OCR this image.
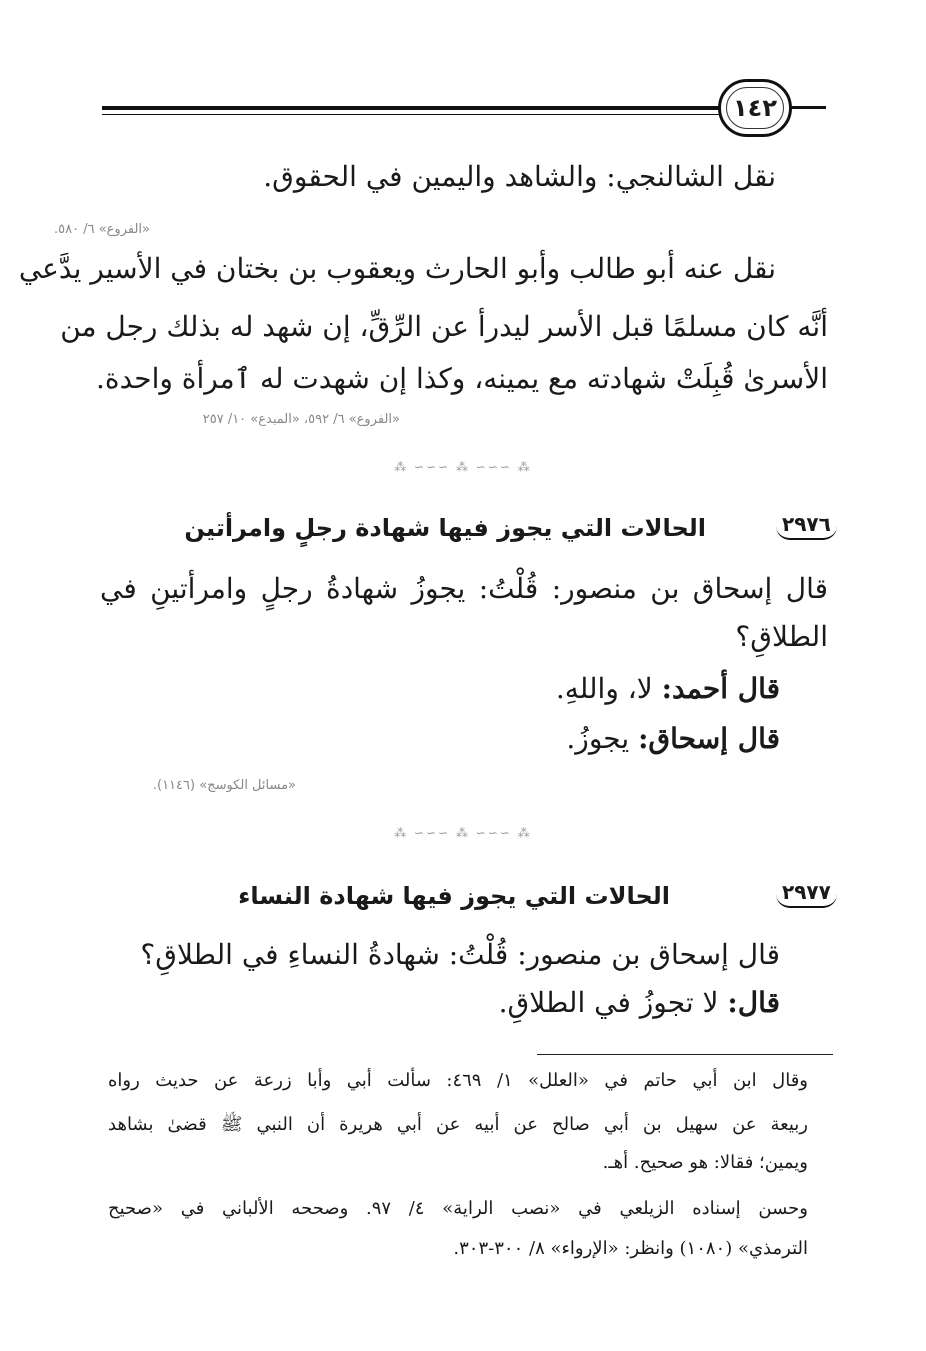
١٤٢
نقل الشالنجي: والشاهد واليمين في الحقوق.
«الفروع» ٦/ ٥٨٠.
نقل عنه أبو طالب وأبو الحارث ويعقوب بن بختان في الأسير يدَّعي
أنَّه كان مسلمًا قبل الأسر ليدرأ عن الرِّقِّ، إن شهد له بذلك رجل من
الأسرىٰ قُبِلَتْ شهادته مع يمينه، وكذا إن شهدت له ٱمرأة واحدة.
«الفروع» ٦/ ٥٩٢، «المبدع» ١٠/ ٢٥٧
⁂ ∽∽∽ ⁂ ∽∽∽ ⁂
٢٩٧٦
الحالات التي يجوز فيها شهادة رجلٍ وامرأتين
قال إسحاق بن منصور: قُلْتُ: يجوزُ شهادةُ رجلٍ وامرأتينِ في
الطلاقِ؟
قال أحمد: لا، واللهِ.
قال إسحاق: يجوزُ.
«مسائل الكوسج» (١١٤٦).
⁂ ∽∽∽ ⁂ ∽∽∽ ⁂
٢٩٧٧
الحالات التي يجوز فيها شهادة النساء
قال إسحاق بن منصور: قُلْتُ: شهادةُ النساءِ في الطلاقِ؟
قال: لا تجوزُ في الطلاقِ.
وقال ابن أبي حاتم في «العلل» ١/ ٤٦٩: سألت أبي وأبا زرعة عن حديث رواه
ربيعة عن سهيل بن أبي صالح عن أبيه عن أبي هريرة أن النبي ﷺ قضىٰ بشاهد
ويمين؛ فقالا: هو صحيح. أهـ.
وحسن إسناده الزيلعي في «نصب الراية» ٤/ ٩٧. وصححه الألباني في «صحيح
الترمذي» (١٠٨٠) وانظر: «الإرواء» ٨/ ٣٠٠-٣٠٣.
